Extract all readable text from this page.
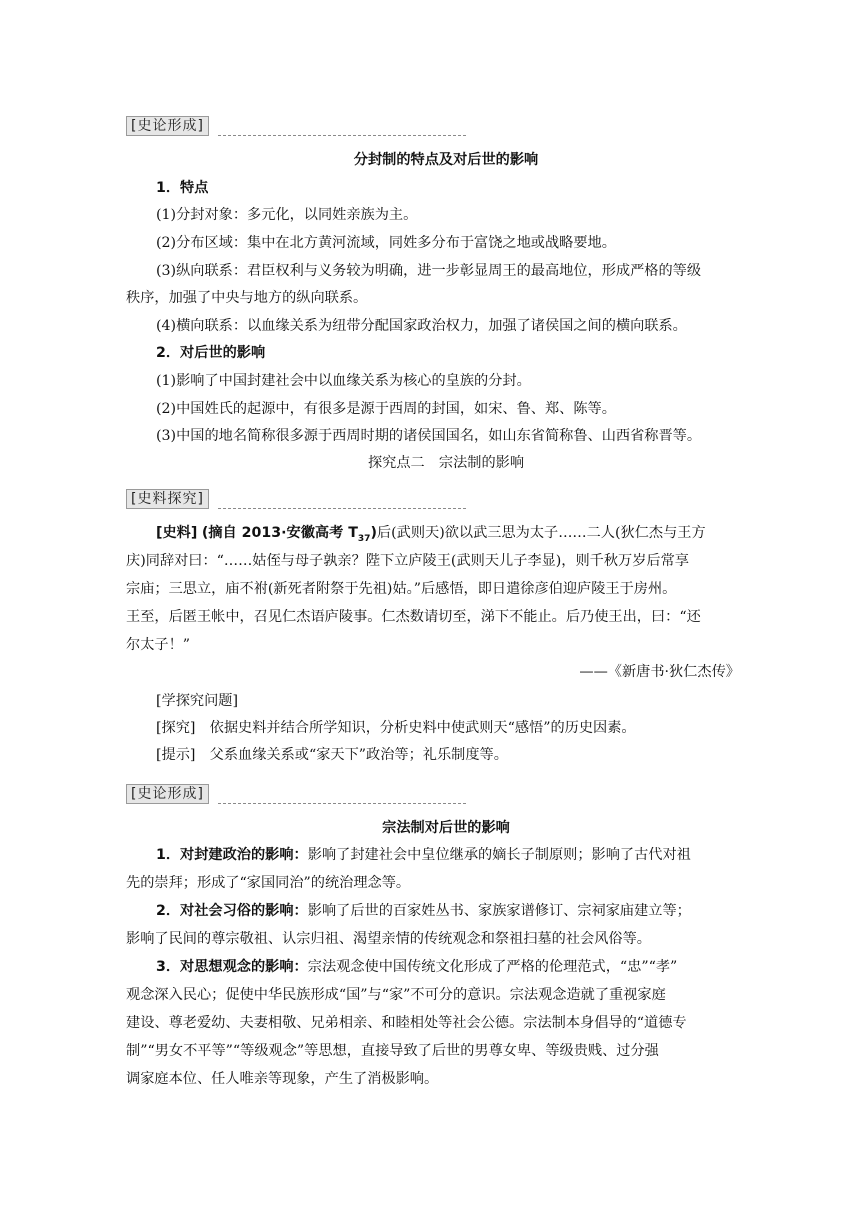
[史论形成]
分封制的特点及对后世的影响
1．特点
(1)分封对象：多元化，以同姓亲族为主。
(2)分布区域：集中在北方黄河流域，同姓多分布于富饶之地或战略要地。
(3)纵向联系：君臣权利与义务较为明确，进一步彰显周王的最高地位，形成严格的等级
秩序，加强了中央与地方的纵向联系。
(4)横向联系：以血缘关系为纽带分配国家政治权力，加强了诸侯国之间的横向联系。
2．对后世的影响
(1)影响了中国封建社会中以血缘关系为核心的皇族的分封。
(2)中国姓氏的起源中，有很多是源于西周的封国，如宋、鲁、郑、陈等。
(3)中国的地名简称很多源于西周时期的诸侯国国名，如山东省简称鲁、山西省称晋等。
探究点二　宗法制的影响
[史料探究]
[史料] (摘自 2013·安徽高考 $T_{37}$)后(武则天)欲以武三思为太子……二人(狄仁杰与王方
庆)同辞对曰：“……姑侄与母子孰亲？陛下立庐陵王(武则天儿子李显)，则千秋万岁后常享
宗庙；三思立，庙不祔(新死者附祭于先祖)姑。”后感悟，即日遣徐彦伯迎庐陵王于房州。
王至，后匿王帐中，召见仁杰语庐陵事。仁杰数请切至，涕下不能止。后乃使王出，曰：“还
尔太子！”
——《新唐书·狄仁杰传》
[学探究问题]
[探究]　 依据史料并结合所学知识，分析史料中使武则天“感悟”的历史因素。
[提示]　 父系血缘关系或“家天下”政治等；礼乐制度等。
[史论形成]
宗法制对后世的影响
1．对封建政治的影响：影响了封建社会中皇位继承的嫡长子制原则；影响了古代对祖
先的崇拜；形成了“家国同治”的统治理念等。
2．对社会习俗的影响：影响了后世的百家姓丛书、家族家谱修订、宗祠家庙建立等；
影响了民间的尊宗敬祖、认宗归祖、渴望亲情的传统观念和祭祖扫墓的社会风俗等。
3．对思想观念的影响：宗法观念使中国传统文化形成了严格的伦理范式，“忠”“孝”
观念深入民心；促使中华民族形成“国”与“家”不可分的意识。宗法观念造就了重视家庭
建设、尊老爱幼、夫妻相敬、兄弟相亲、和睦相处等社会公德。宗法制本身倡导的“道德专
制”“男女不平等”“等级观念”等思想，直接导致了后世的男尊女卑、等级贵贱、过分强
调家庭本位、任人唯亲等现象，产生了消极影响。
